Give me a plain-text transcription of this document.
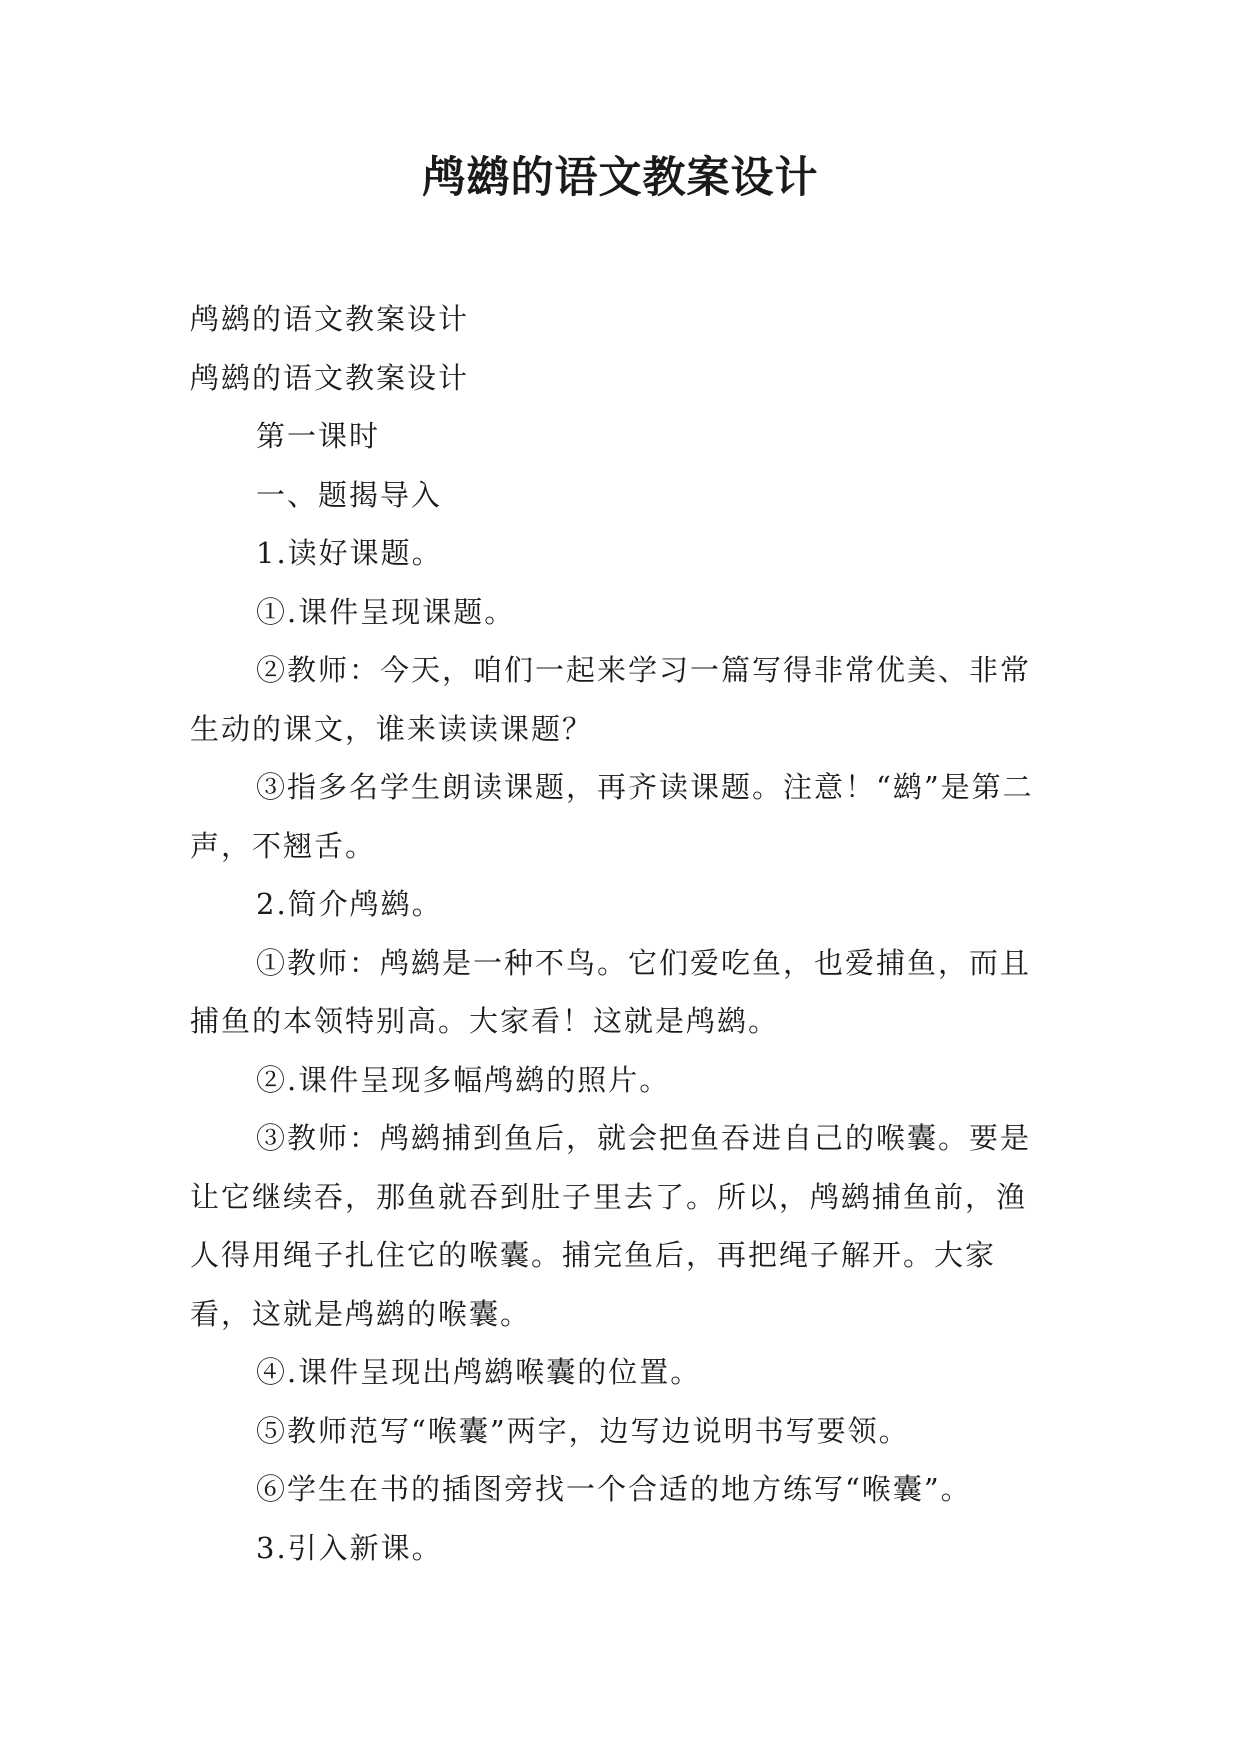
鸬鹚的语文教案设计

鸬鹚的语文教案设计

鸬鹚的语文教案设计

第一课时

一、题揭导入

1.读好课题。

①.课件呈现课题。

②教师：今天，咱们一起来学习一篇写得非常优美、非常生动的课文，谁来读读课题？

③指多名学生朗读课题，再齐读课题。注意！“鹚”是第二声，不翘舌。

2.简介鸬鹚。

①教师：鸬鹚是一种不鸟。它们爱吃鱼，也爱捕鱼，而且捕鱼的本领特别高。大家看！这就是鸬鹚。

②.课件呈现多幅鸬鹚的照片。

③教师：鸬鹚捕到鱼后，就会把鱼吞进自己的喉囊。要是让它继续吞，那鱼就吞到肚子里去了。所以，鸬鹚捕鱼前，渔人得用绳子扎住它的喉囊。捕完鱼后，再把绳子解开。大家看，这就是鸬鹚的喉囊。

④.课件呈现出鸬鹚喉囊的位置。

⑤教师范写“喉囊”两字，边写边说明书写要领。

⑥学生在书的插图旁找一个合适的地方练写“喉囊”。

3.引入新课。
